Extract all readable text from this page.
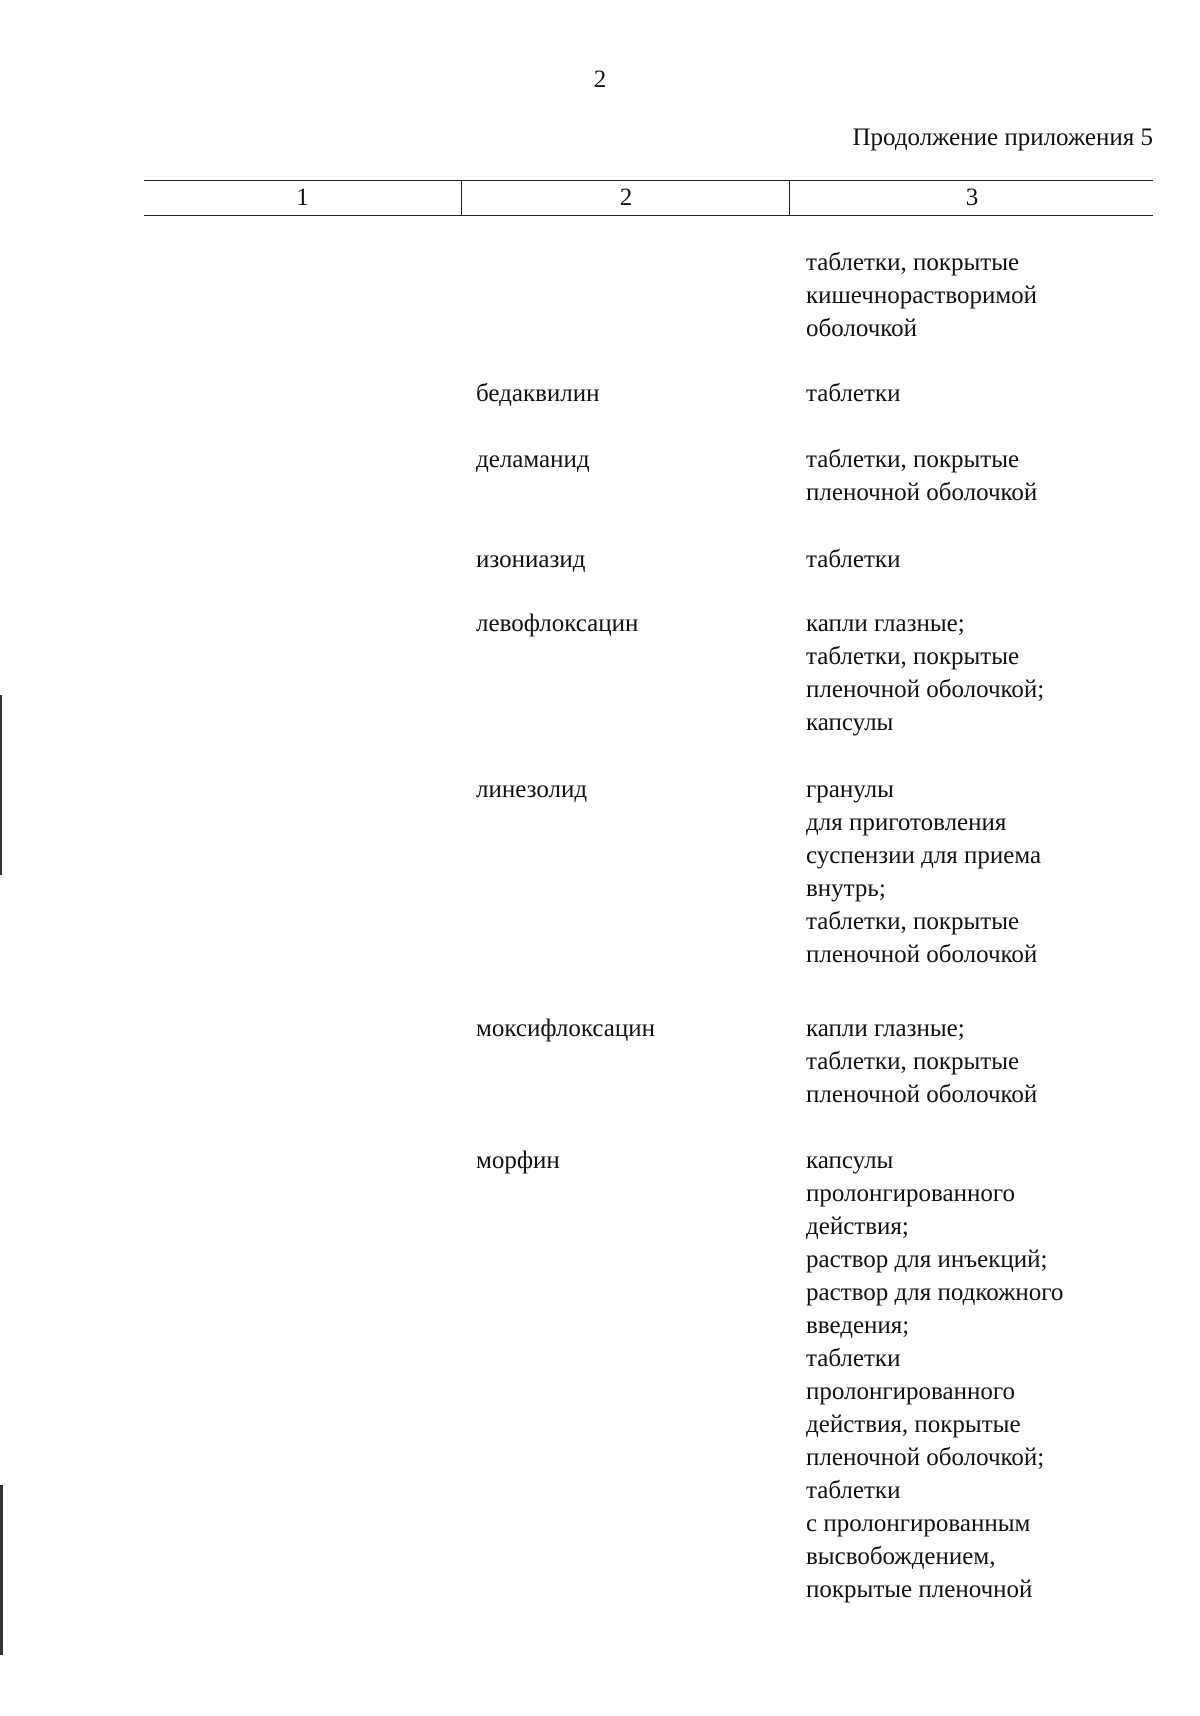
2
Продолжение приложения 5
1	2	3
таблетки, покрытые
кишечнорастворимой
оболочкой
бедаквилин	таблетки
деламанид	таблетки, покрытые
пленочной оболочкой
изониазид	таблетки
левофлоксацин	капли глазные;
таблетки, покрытые
пленочной оболочкой;
капсулы
линезолид	гранулы
для приготовления
суспензии для приема
внутрь;
таблетки, покрытые
пленочной оболочкой
моксифлоксацин	капли глазные;
таблетки, покрытые
пленочной оболочкой
морфин	капсулы
пролонгированного
действия;
раствор для инъекций;
раствор для подкожного
введения;
таблетки
пролонгированного
действия, покрытые
пленочной оболочкой;
таблетки
с пролонгированным
высвобождением,
покрытые пленочной
